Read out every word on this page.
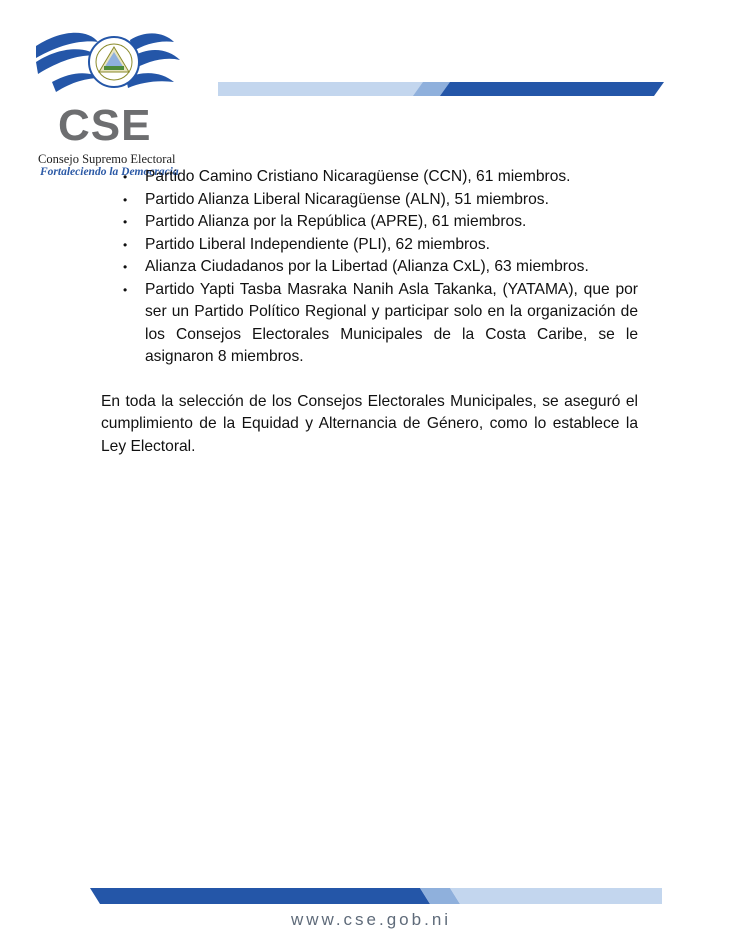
CSE
Consejo Supremo Electoral
Fortaleciendo la Democracia
• Partido Camino Cristiano Nicaragüense (CCN), 61 miembros.
• Partido Alianza Liberal Nicaragüense (ALN), 51 miembros.
• Partido Alianza por la República (APRE), 61 miembros.
• Partido Liberal Independiente (PLI), 62 miembros.
• Alianza Ciudadanos por la Libertad (Alianza CxL), 63 miembros.
• Partido Yapti Tasba Masraka Nanih Asla Takanka, (YATAMA), que por ser un Partido Político Regional y participar solo en la organización de los Consejos Electorales Municipales de la Costa Caribe, se le asignaron 8 miembros.

En toda la selección de los Consejos Electorales Municipales, se aseguró el cumplimiento de la Equidad y Alternancia de Género, como lo establece la Ley Electoral.

www.cse.gob.ni
